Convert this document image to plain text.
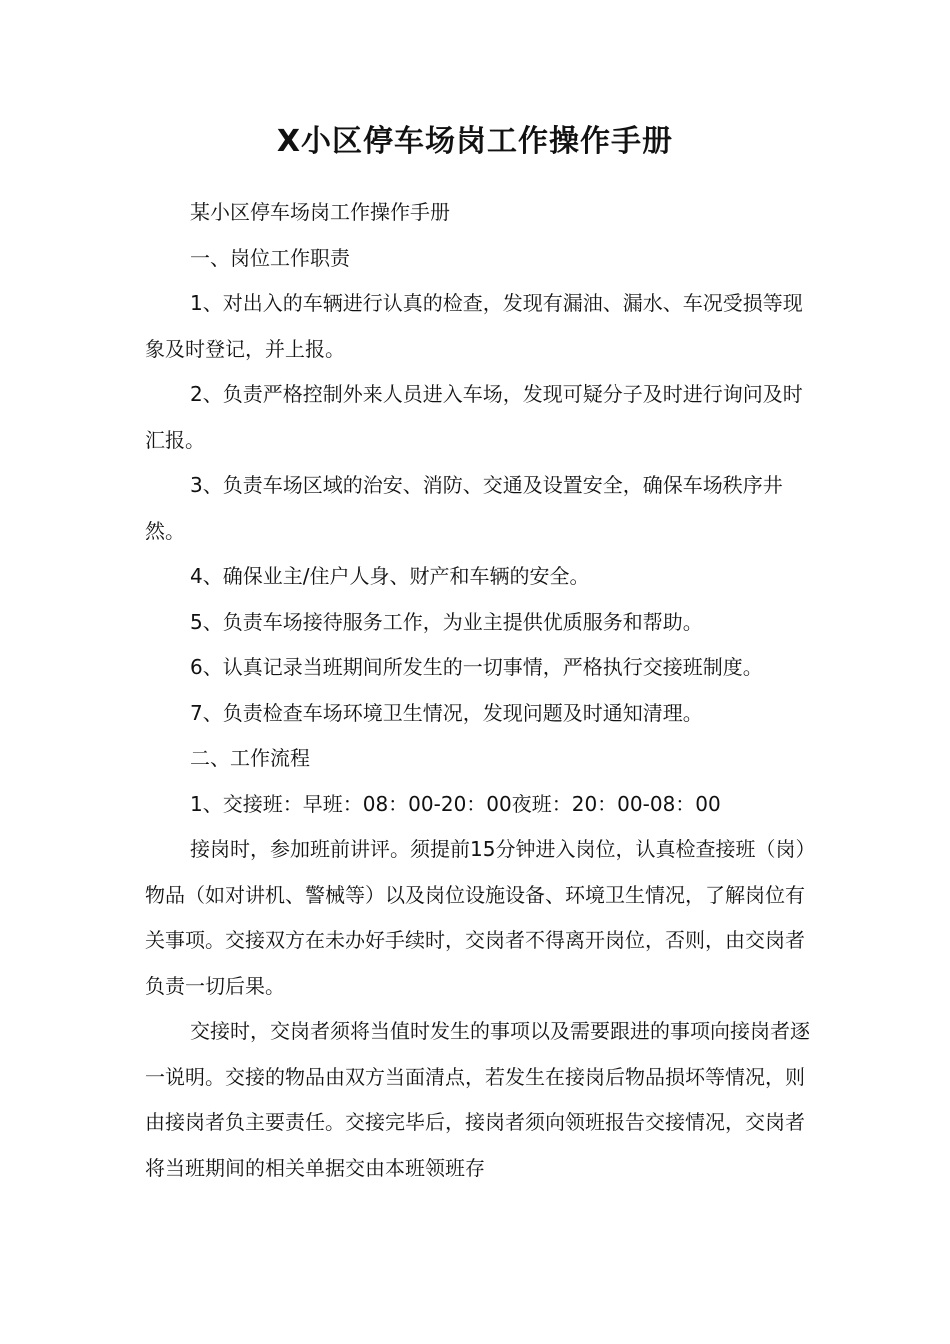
X小区停车场岗工作操作手册

某小区停车场岗工作操作手册

一、岗位工作职责

1、对出入的车辆进行认真的检查，发现有漏油、漏水、车况受损等现象及时登记，并上报。

2、负责严格控制外来人员进入车场，发现可疑分子及时进行询问及时汇报。

3、负责车场区域的治安、消防、交通及设置安全，确保车场秩序井然。

4、确保业主/住户人身、财产和车辆的安全。

5、负责车场接待服务工作，为业主提供优质服务和帮助。

6、认真记录当班期间所发生的一切事情，严格执行交接班制度。

7、负责检查车场环境卫生情况，发现问题及时通知清理。

二、工作流程

1、交接班：早班：08：00-20：00夜班：20：00-08：00

接岗时，参加班前讲评。须提前15分钟进入岗位，认真检查接班（岗）物品（如对讲机、警械等）以及岗位设施设备、环境卫生情况，了解岗位有关事项。交接双方在未办好手续时，交岗者不得离开岗位，否则，由交岗者负责一切后果。

交接时，交岗者须将当值时发生的事项以及需要跟进的事项向接岗者逐一说明。交接的物品由双方当面清点，若发生在接岗后物品损坏等情况，则由接岗者负主要责任。交接完毕后，接岗者须向领班报告交接情况，交岗者将当班期间的相关单据交由本班领班存
